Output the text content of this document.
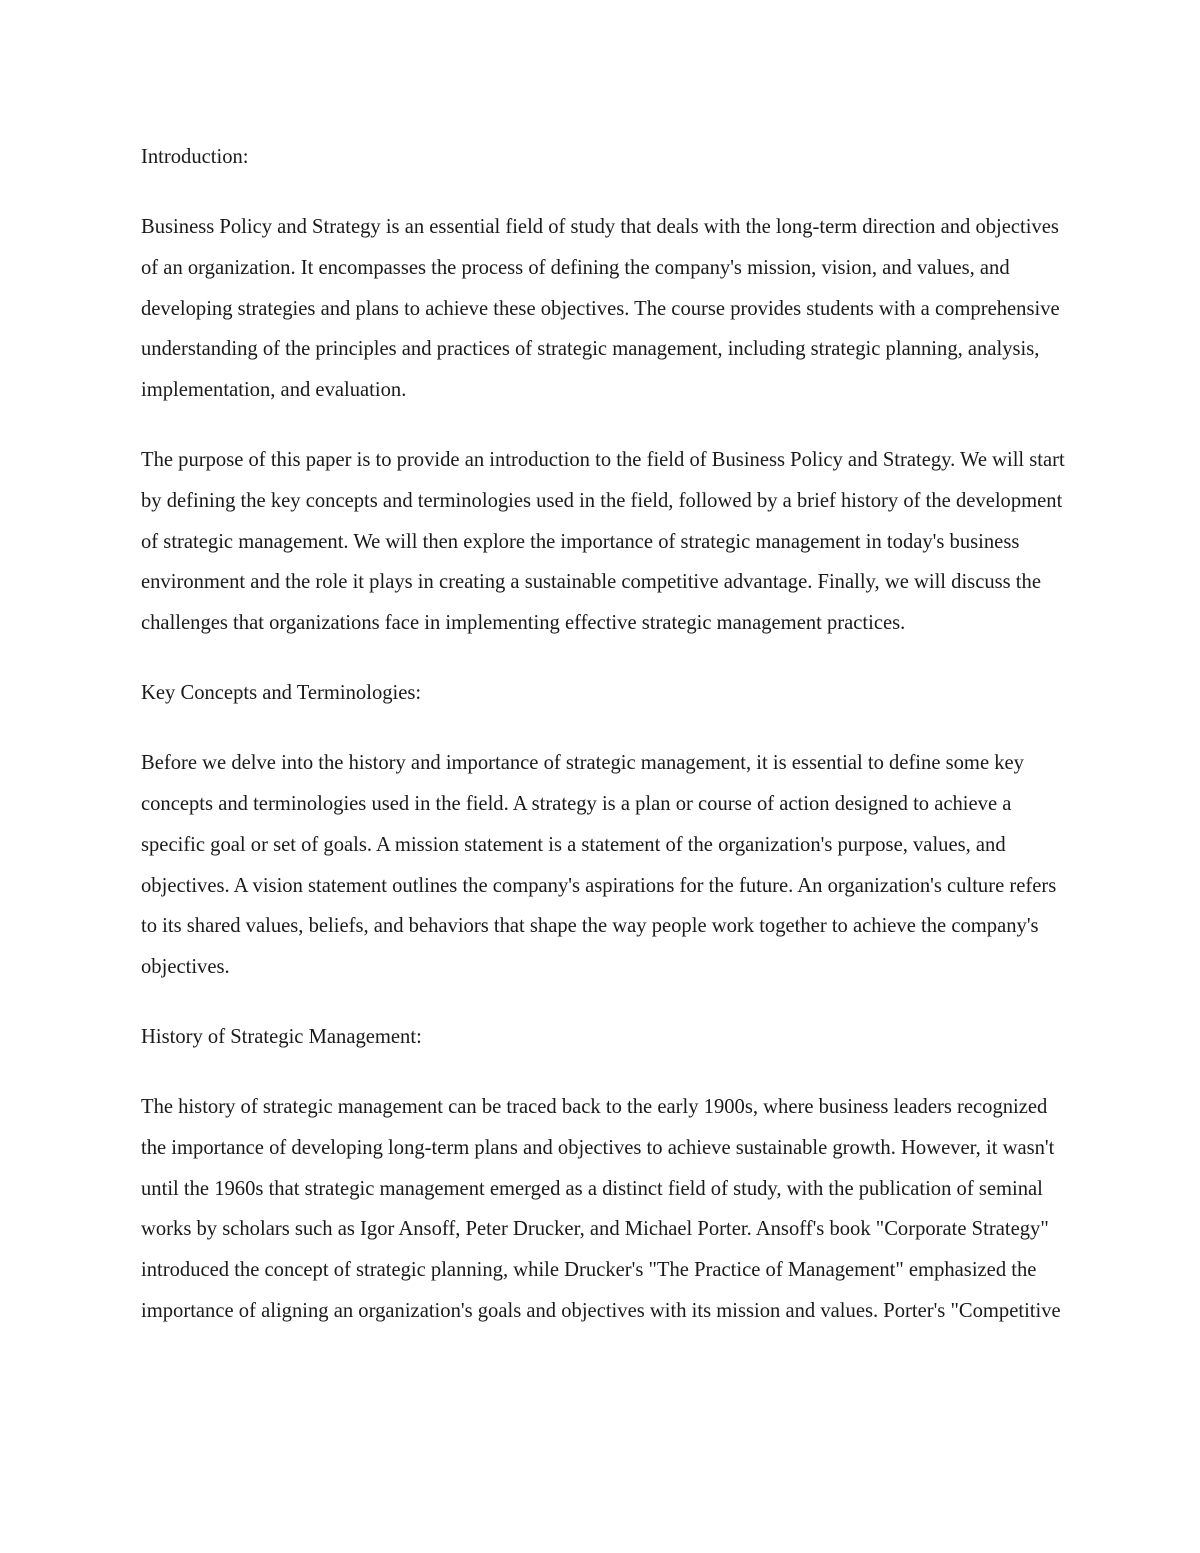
Introduction:

Business Policy and Strategy is an essential field of study that deals with the long-term direction and objectives of an organization. It encompasses the process of defining the company's mission, vision, and values, and developing strategies and plans to achieve these objectives. The course provides students with a comprehensive understanding of the principles and practices of strategic management, including strategic planning, analysis, implementation, and evaluation.

The purpose of this paper is to provide an introduction to the field of Business Policy and Strategy. We will start by defining the key concepts and terminologies used in the field, followed by a brief history of the development of strategic management. We will then explore the importance of strategic management in today's business environment and the role it plays in creating a sustainable competitive advantage. Finally, we will discuss the challenges that organizations face in implementing effective strategic management practices.

Key Concepts and Terminologies:

Before we delve into the history and importance of strategic management, it is essential to define some key concepts and terminologies used in the field. A strategy is a plan or course of action designed to achieve a specific goal or set of goals. A mission statement is a statement of the organization's purpose, values, and objectives. A vision statement outlines the company's aspirations for the future. An organization's culture refers to its shared values, beliefs, and behaviors that shape the way people work together to achieve the company's objectives.

History of Strategic Management:

The history of strategic management can be traced back to the early 1900s, where business leaders recognized the importance of developing long-term plans and objectives to achieve sustainable growth. However, it wasn't until the 1960s that strategic management emerged as a distinct field of study, with the publication of seminal works by scholars such as Igor Ansoff, Peter Drucker, and Michael Porter. Ansoff's book "Corporate Strategy" introduced the concept of strategic planning, while Drucker's "The Practice of Management" emphasized the importance of aligning an organization's goals and objectives with its mission and values. Porter's "Competitive
